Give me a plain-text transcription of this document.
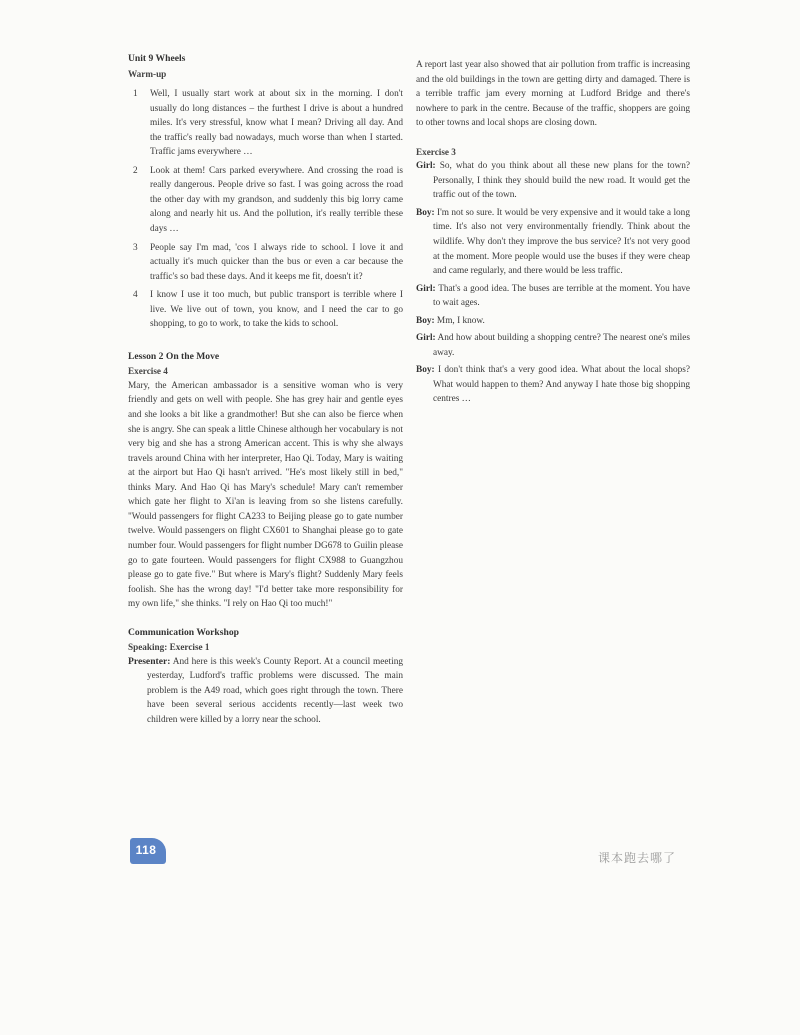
Unit 9 Wheels

Warm-up

1	Well, I usually start work at about six in the morning. I don't usually do long distances – the furthest I drive is about a hundred miles. It's very stressful, know what I mean? Driving all day. And the traffic's really bad nowadays, much worse than when I started. Traffic jams everywhere …
2	Look at them! Cars parked everywhere. And crossing the road is really dangerous. People drive so fast. I was going across the road the other day with my grandson, and suddenly this big lorry came along and nearly hit us. And the pollution, it's really terrible these days …
3	People say I'm mad, 'cos I always ride to school. I love it and actually it's much quicker than the bus or even a car because the traffic's so bad these days. And it keeps me fit, doesn't it?
4	I know I use it too much, but public transport is terrible where I live. We live out of town, you know, and I need the car to go shopping, to go to work, to take the kids to school.

Lesson 2 On the Move

Exercise 4

Mary, the American ambassador is a sensitive woman who is very friendly and gets on well with people. She has grey hair and gentle eyes and she looks a bit like a grandmother! But she can also be fierce when she is angry. She can speak a little Chinese although her vocabulary is not very big and she has a strong American accent. This is why she always travels around China with her interpreter, Hao Qi. Today, Mary is waiting at the airport but Hao Qi hasn't arrived. "He's most likely still in bed," thinks Mary. And Hao Qi has Mary's schedule! Mary can't remember which gate her flight to Xi'an is leaving from so she listens carefully. "Would passengers for flight CA233 to Beijing please go to gate number twelve. Would passengers on flight CX601 to Shanghai please go to gate number four. Would passengers for flight number DG678 to Guilin please go to gate fourteen. Would passengers for flight CX988 to Guangzhou please go to gate five." But where is Mary's flight? Suddenly Mary feels foolish. She has the wrong day! "I'd better take more responsibility for my own life," she thinks. "I rely on Hao Qi too much!"

Communication Workshop

Speaking: Exercise 1

Presenter: And here is this week's County Report. At a council meeting yesterday, Ludford's traffic problems were discussed. The main problem is the A49 road, which goes right through the town. There have been several serious accidents recently—last week two children were killed by a lorry near the school.

A report last year also showed that air pollution from traffic is increasing and the old buildings in the town are getting dirty and damaged. There is a terrible traffic jam every morning at Ludford Bridge and there's nowhere to park in the centre. Because of the traffic, shoppers are going to other towns and local shops are closing down.

Exercise 3

Girl: So, what do you think about all these new plans for the town? Personally, I think they should build the new road. It would get the traffic out of the town.

Boy: I'm not so sure. It would be very expensive and it would take a long time. It's also not very environmentally friendly. Think about the wildlife. Why don't they improve the bus service? It's not very good at the moment. More people would use the buses if they were cheap and came regularly, and there would be less traffic.

Girl: That's a good idea. The buses are terrible at the moment. You have to wait ages.

Boy: Mm, I know.

Girl: And how about building a shopping centre? The nearest one's miles away.

Boy: I don't think that's a very good idea. What about the local shops? What would happen to them? And anyway I hate those big shopping centres …

118
课本跑去哪了
